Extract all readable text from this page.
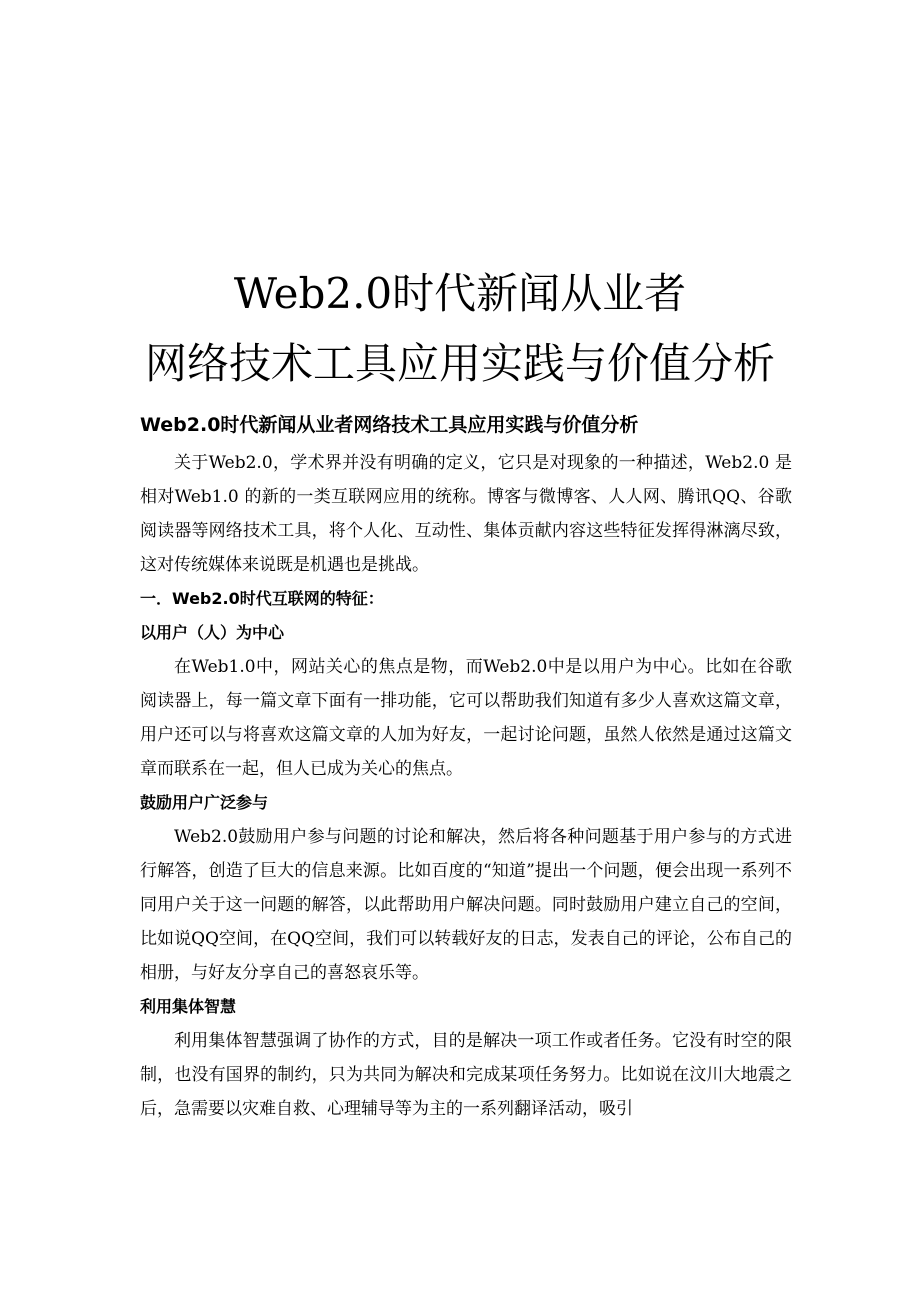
Web2.0时代新闻从业者
网络技术工具应用实践与价值分析
Web2.0时代新闻从业者网络技术工具应用实践与价值分析

关于Web2.0，学术界并没有明确的定义，它只是对现象的一种描述，Web2.0 是相对Web1.0 的新的一类互联网应用的统称。博客与微博客、人人网、腾讯QQ、谷歌阅读器等网络技术工具，将个人化、互动性、集体贡献内容这些特征发挥得淋漓尽致，这对传统媒体来说既是机遇也是挑战。

一．Web2.0时代互联网的特征：
以用户（人）为中心

在Web1.0中，网站关心的焦点是物，而Web2.0中是以用户为中心。比如在谷歌阅读器上，每一篇文章下面有一排功能，它可以帮助我们知道有多少人喜欢这篇文章，用户还可以与将喜欢这篇文章的人加为好友，一起讨论问题，虽然人依然是通过这篇文章而联系在一起，但人已成为关心的焦点。

鼓励用户广泛参与

Web2.0鼓励用户参与问题的讨论和解决，然后将各种问题基于用户参与的方式进行解答，创造了巨大的信息来源。比如百度的“知道”提出一个问题，便会出现一系列不同用户关于这一问题的解答，以此帮助用户解决问题。同时鼓励用户建立自己的空间，比如说QQ空间，在QQ空间，我们可以转载好友的日志，发表自己的评论，公布自己的相册，与好友分享自己的喜怒哀乐等。

利用集体智慧

利用集体智慧强调了协作的方式，目的是解决一项工作或者任务。它没有时空的限制，也没有国界的制约，只为共同为解决和完成某项任务努力。比如说在汶川大地震之后，急需要以灾难自救、心理辅导等为主的一系列翻译活动，吸引
